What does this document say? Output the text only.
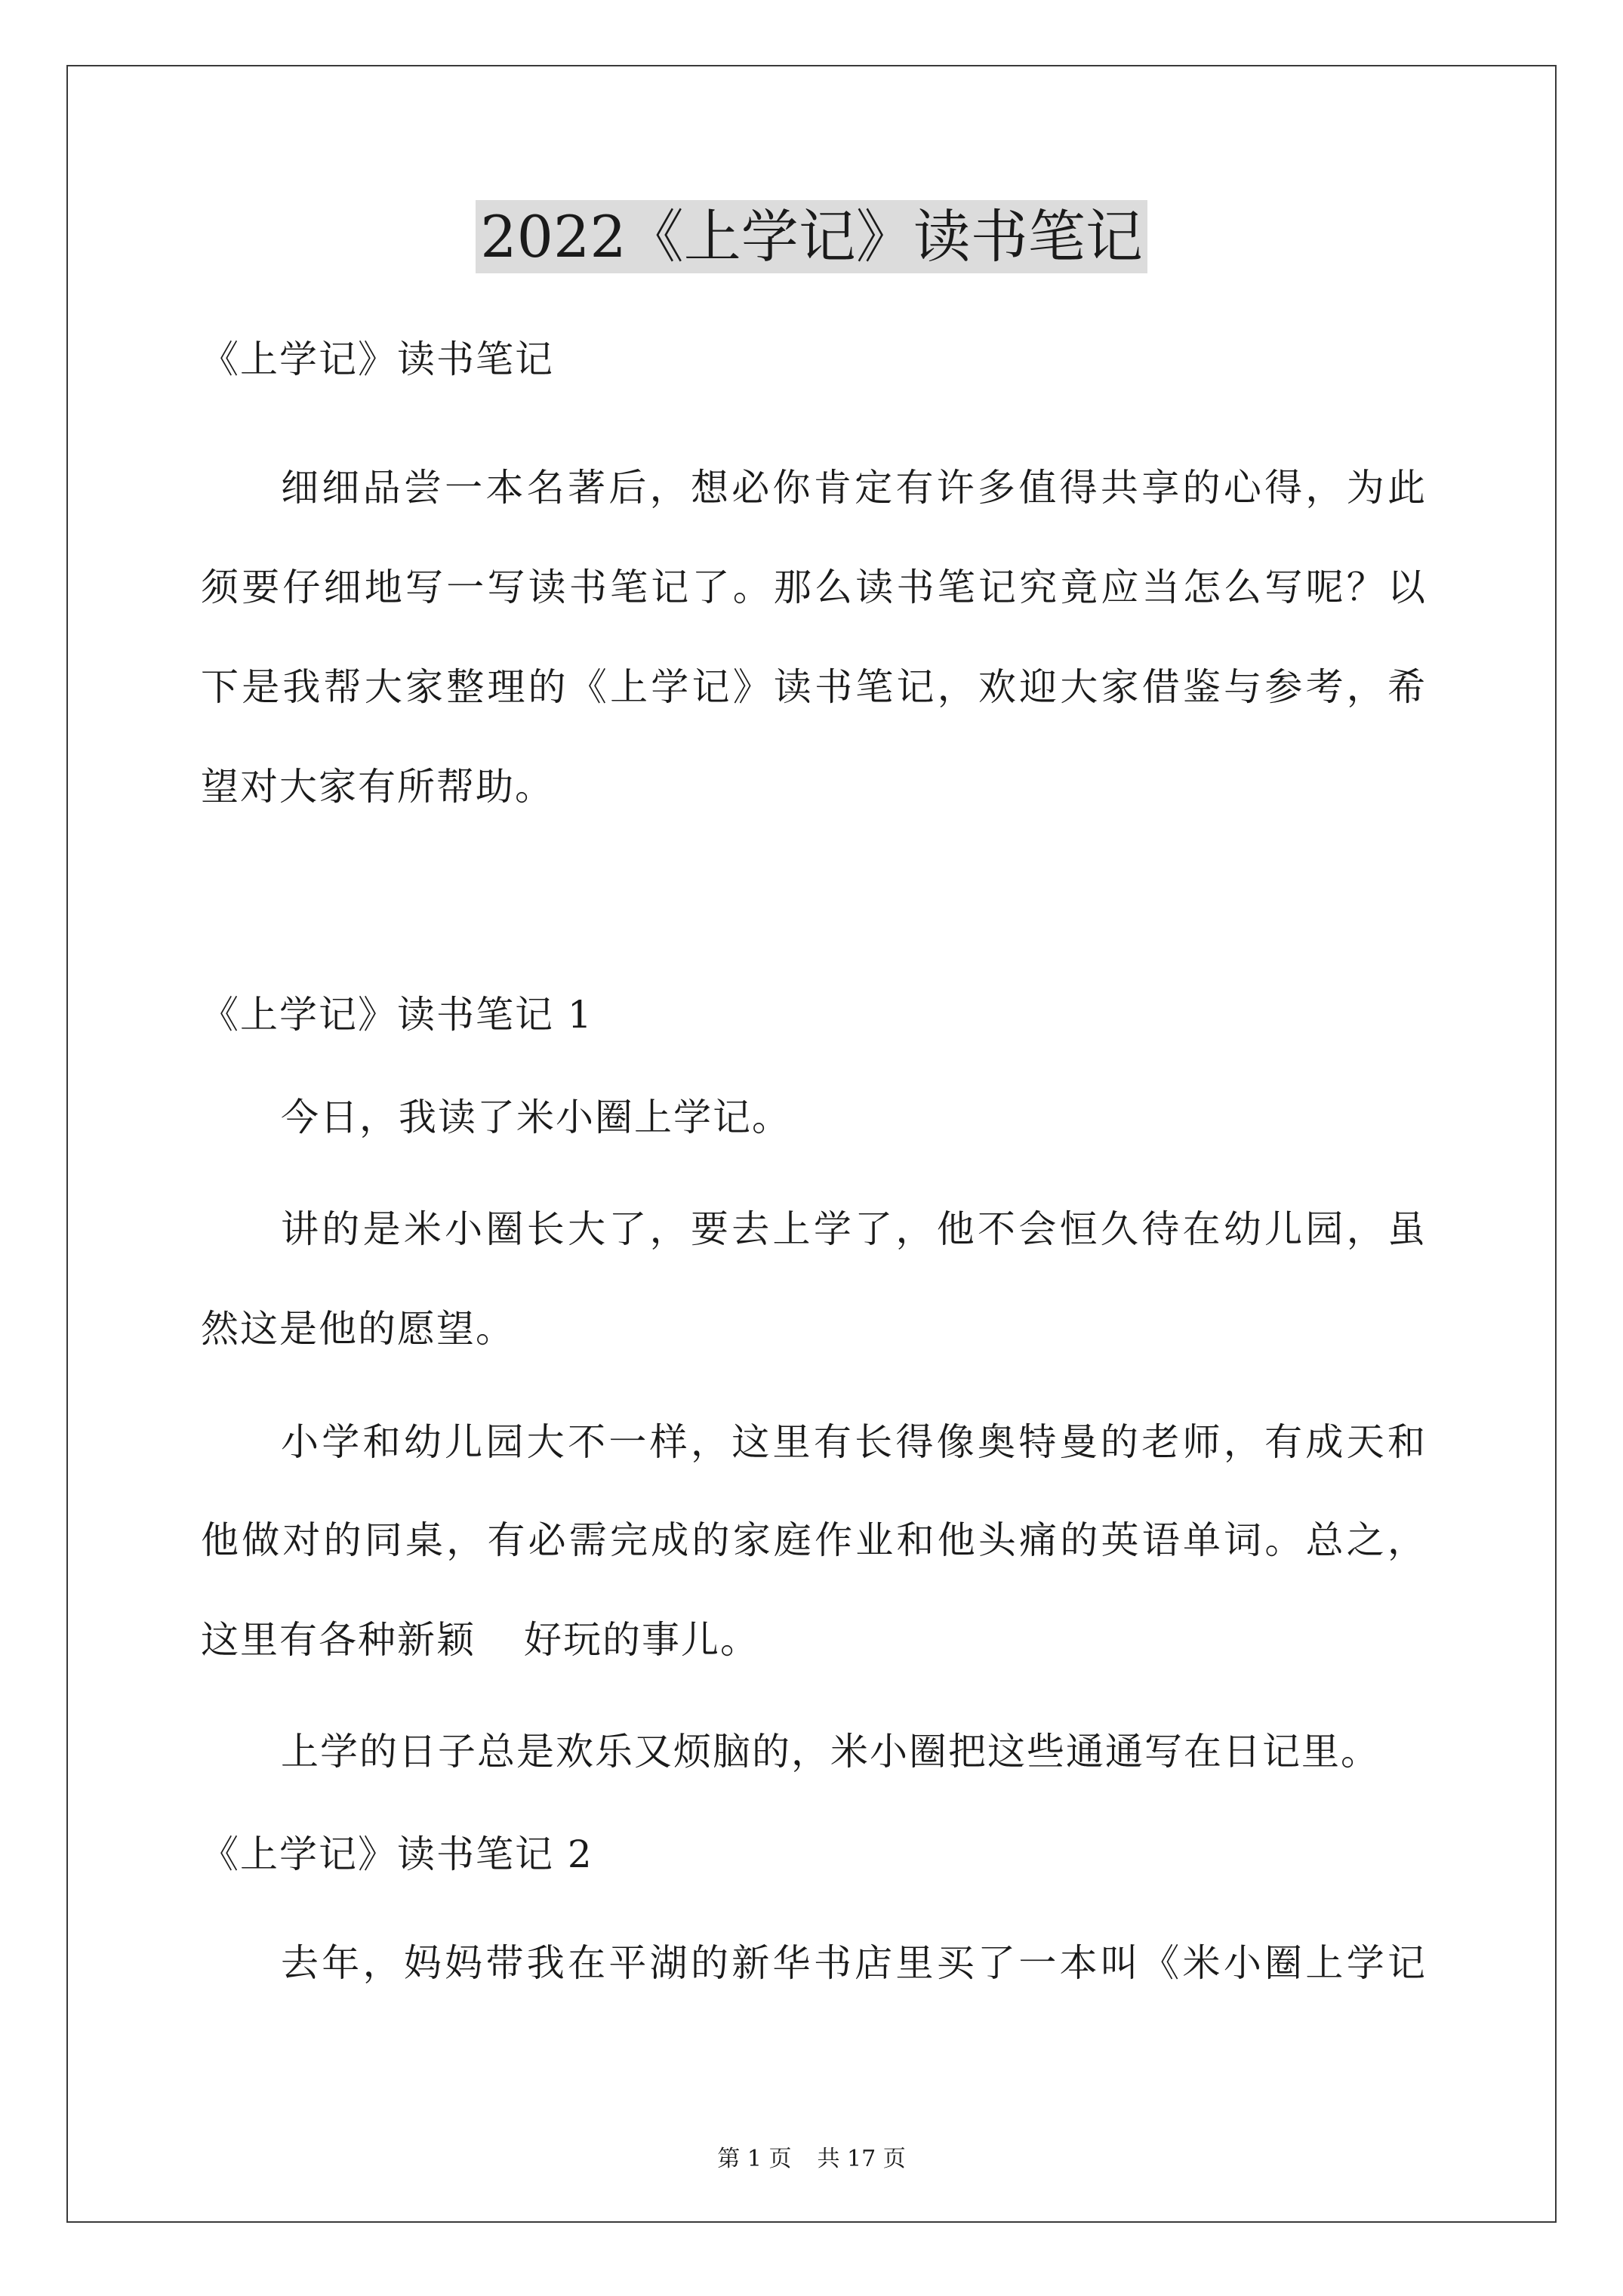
2022《上学记》读书笔记
《上学记》读书笔记
细细品尝一本名著后，想必你肯定有许多值得共享的心得，为此
须要仔细地写一写读书笔记了。那么读书笔记究竟应当怎么写呢？以
下是我帮大家整理的《上学记》读书笔记，欢迎大家借鉴与参考，希
望对大家有所帮助。
《上学记》读书笔记 1
今日，我读了米小圈上学记。
讲的是米小圈长大了，要去上学了，他不会恒久待在幼儿园，虽
然这是他的愿望。
小学和幼儿园大不一样，这里有长得像奥特曼的老师，有成天和
他做对的同桌，有必需完成的家庭作业和他头痛的英语单词。总之，
这里有各种新颖 好玩的事儿。
上学的日子总是欢乐又烦脑的，米小圈把这些通通写在日记里。
《上学记》读书笔记 2
去年，妈妈带我在平湖的新华书店里买了一本叫《米小圈上学记
第 1 页 共 17 页
